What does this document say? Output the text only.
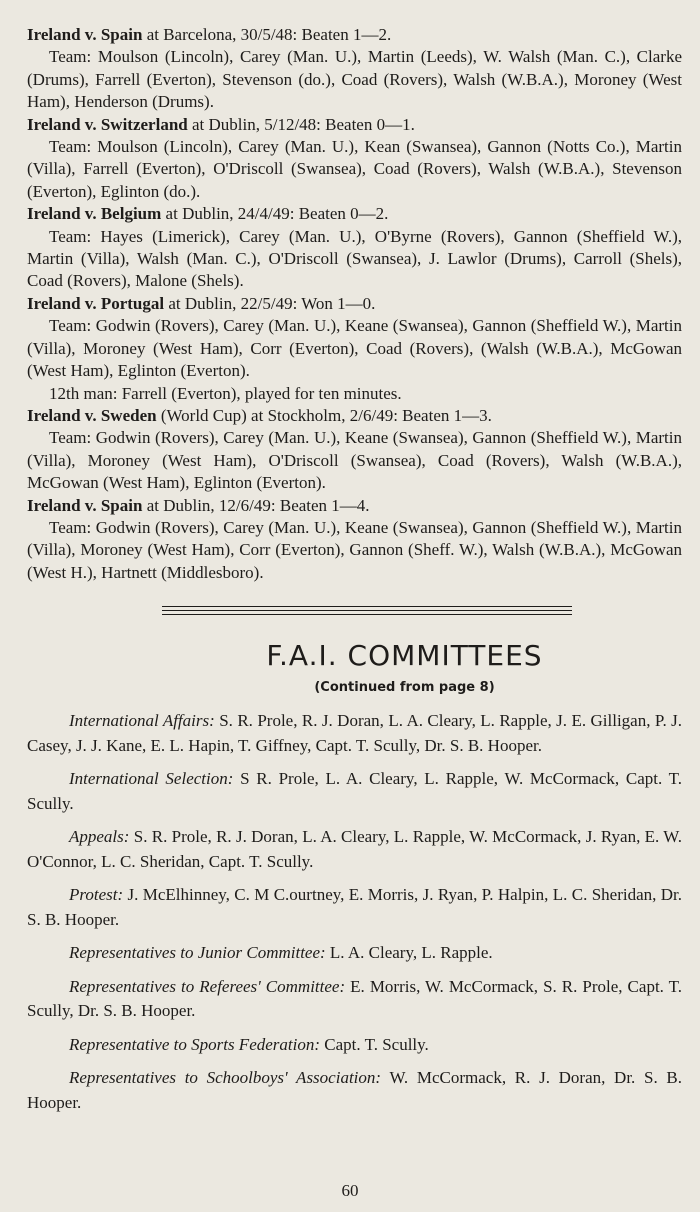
Ireland v. Spain at Barcelona, 30/5/48: Beaten 1—2.

Team: Moulson (Lincoln), Carey (Man. U.), Martin (Leeds), W. Walsh (Man. C.), Clarke (Drums), Farrell (Everton), Stevenson (do.), Coad (Rovers), Walsh (W.B.A.), Moroney (West Ham), Henderson (Drums).

Ireland v. Switzerland at Dublin, 5/12/48: Beaten 0—1.

Team: Moulson (Lincoln), Carey (Man. U.), Kean (Swansea), Gannon (Notts Co.), Martin (Villa), Farrell (Everton), O'Driscoll (Swansea), Coad (Rovers), Walsh (W.B.A.), Stevenson (Everton), Eglinton (do.).

Ireland v. Belgium at Dublin, 24/4/49: Beaten 0—2.

Team: Hayes (Limerick), Carey (Man. U.), O'Byrne (Rovers), Gannon (Sheffield W.), Martin (Villa), Walsh (Man. C.), O'Driscoll (Swansea), J. Lawlor (Drums), Carroll (Shels), Coad (Rovers), Malone (Shels).

Ireland v. Portugal at Dublin, 22/5/49: Won 1—0.

Team: Godwin (Rovers), Carey (Man. U.), Keane (Swansea), Gannon (Sheffield W.), Martin (Villa), Moroney (West Ham), Corr (Everton), Coad (Rovers), (Walsh (W.B.A.), McGowan (West Ham), Eglinton (Everton).

12th man: Farrell (Everton), played for ten minutes.

Ireland v. Sweden (World Cup) at Stockholm, 2/6/49: Beaten 1—3.

Team: Godwin (Rovers), Carey (Man. U.), Keane (Swansea), Gannon (Sheffield W.), Martin (Villa), Moroney (West Ham), O'Driscoll (Swansea), Coad (Rovers), Walsh (W.B.A.), McGowan (West Ham), Eglinton (Everton).

Ireland v. Spain at Dublin, 12/6/49: Beaten 1—4.

Team: Godwin (Rovers), Carey (Man. U.), Keane (Swansea), Gannon (Sheffield W.), Martin (Villa), Moroney (West Ham), Corr (Everton), Gannon (Sheff. W.), Walsh (W.B.A.), McGowan (West H.), Hartnett (Middlesboro).

F.A.I. COMMITTEES
(Continued from page 8)

International Affairs: S. R. Prole, R. J. Doran, L. A. Cleary, L. Rapple, J. E. Gilligan, P. J. Casey, J. J. Kane, E. L. Hapin, T. Giffney, Capt. T. Scully, Dr. S. B. Hooper.

International Selection: S R. Prole, L. A. Cleary, L. Rapple, W. McCormack, Capt. T. Scully.

Appeals: S. R. Prole, R. J. Doran, L. A. Cleary, L. Rapple, W. McCormack, J. Ryan, E. W. O'Connor, L. C. Sheridan, Capt. T. Scully.

Protest: J. McElhinney, C. M C.ourtney, E. Morris, J. Ryan, P. Halpin, L. C. Sheridan, Dr. S. B. Hooper.

Representatives to Junior Committee: L. A. Cleary, L. Rapple.

Representatives to Referees' Committee: E. Morris, W. McCormack, S. R. Prole, Capt. T. Scully, Dr. S. B. Hooper.

Representative to Sports Federation: Capt. T. Scully.

Representatives to Schoolboys' Association: W. McCormack, R. J. Doran, Dr. S. B. Hooper.

60
